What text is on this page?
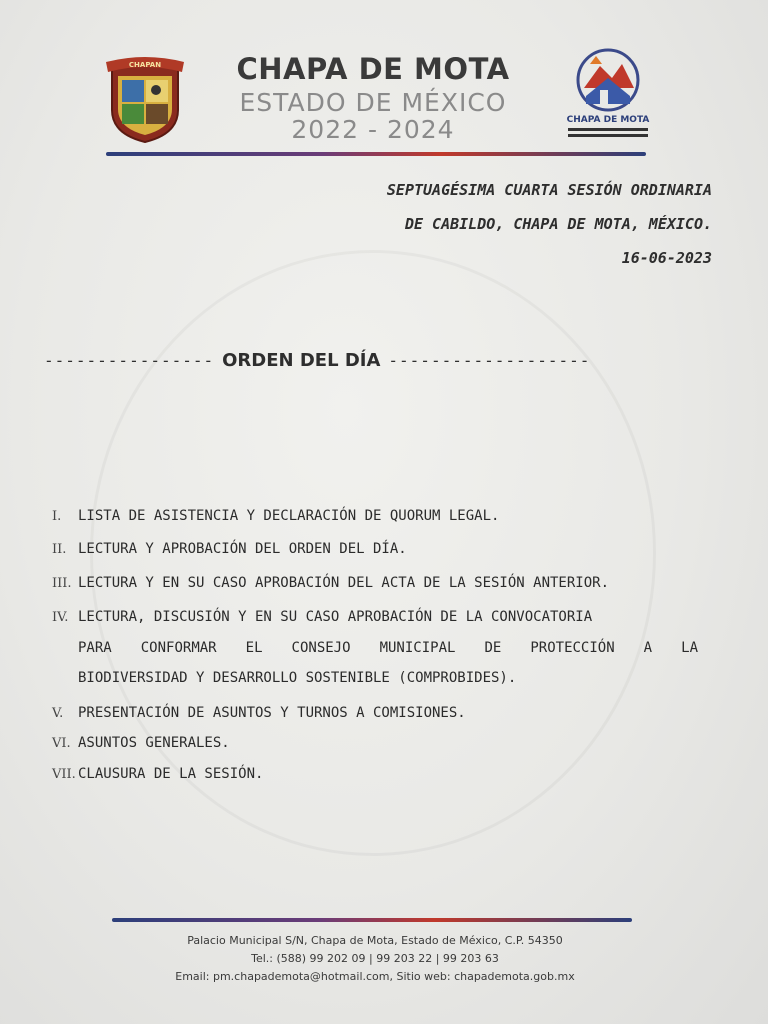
CHAPAN	CHAPA DE MOTA
ESTADO DE MÉXICO
2022 - 2024	CHAPA DE MOTA
SEPTUAGÉSIMA CUARTA SESIÓN ORDINARIA
DE CABILDO, CHAPA DE MOTA, MÉXICO.
16-06-2023
---------------- ORDEN DEL DÍA -------------------
I. LISTA DE ASISTENCIA Y DECLARACIÓN DE QUORUM LEGAL.
II. LECTURA Y APROBACIÓN DEL ORDEN DEL DÍA.
III. LECTURA Y EN SU CASO APROBACIÓN DEL ACTA DE LA SESIÓN ANTERIOR.
IV. LECTURA, DISCUSIÓN Y EN SU CASO APROBACIÓN DE LA CONVOCATORIA
PARA CONFORMAR EL CONSEJO MUNICIPAL DE PROTECCIÓN A LA
BIODIVERSIDAD Y DESARROLLO SOSTENIBLE (COMPROBIDES).
V. PRESENTACIÓN DE ASUNTOS Y TURNOS A COMISIONES.
VI. ASUNTOS GENERALES.
VII. CLAUSURA DE LA SESIÓN.
Palacio Municipal S/N, Chapa de Mota, Estado de México, C.P. 54350
Tel.: (588) 99 202 09 | 99 203 22 | 99 203 63
Email: pm.chapademota@hotmail.com, Sitio web: chapademota.gob.mx
